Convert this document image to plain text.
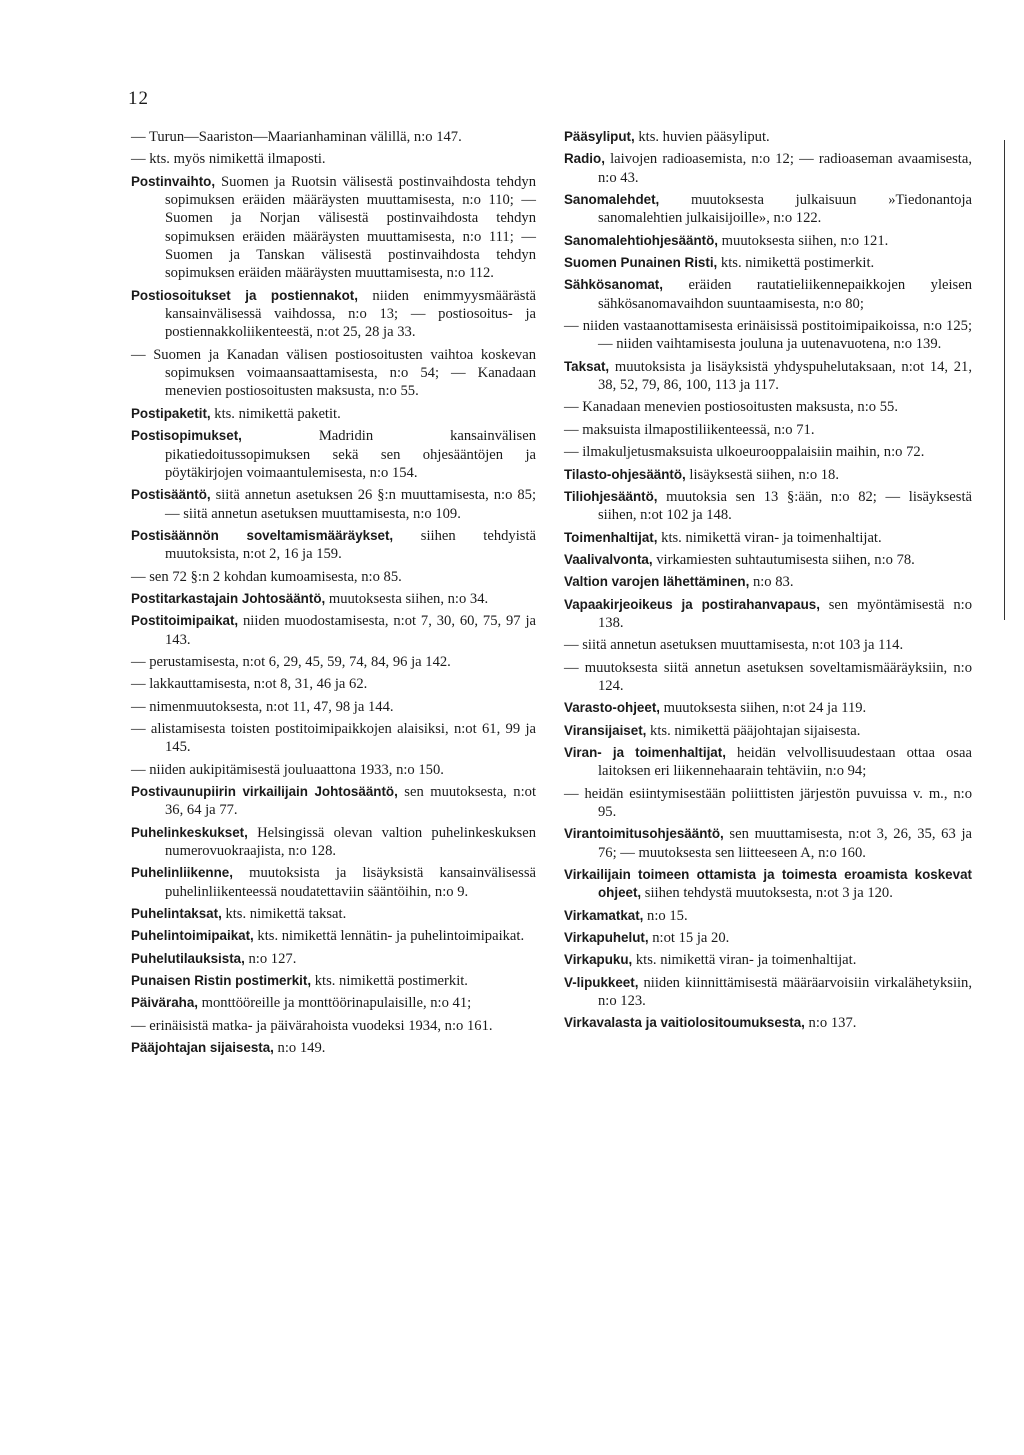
12

— Turun—Saariston—Maarianhaminan välillä, n:o 147.

— kts. myös nimikettä ilmaposti.

Postinvaihto, Suomen ja Ruotsin välisestä postinvaihdosta tehdyn sopimuksen eräiden määräysten muuttamisesta, n:o 110; — Suomen ja Norjan välisestä postinvaihdosta tehdyn sopimuksen eräiden määräysten muuttamisesta, n:o 111; — Suomen ja Tanskan välisestä postinvaihdosta tehdyn sopimuksen eräiden määräysten muuttamisesta, n:o 112.

Postiosoitukset ja postiennakot, niiden enimmyysmäärästä kansainvälisessä vaihdossa, n:o 13; — postiosoitus- ja postiennakkoliikenteestä, n:ot 25, 28 ja 33.

— Suomen ja Kanadan välisen postiosoitusten vaihtoa koskevan sopimuksen voimaansaattamisesta, n:o 54; — Kanadaan menevien postiosoitusten maksusta, n:o 55.

Postipaketit, kts. nimikettä paketit.

Postisopimukset, Madridin kansainvälisen pikatiedoitussopimuksen sekä sen ohjesääntöjen ja pöytäkirjojen voimaantulemisesta, n:o 154.

Postisääntö, siitä annetun asetuksen 26 §:n muuttamisesta, n:o 85; — siitä annetun asetuksen muuttamisesta, n:o 109.

Postisäännön soveltamismääräykset, siihen tehdyistä muutoksista, n:ot 2, 16 ja 159.

— sen 72 §:n 2 kohdan kumoamisesta, n:o 85.

Postitarkastajain Johtosääntö, muutoksesta siihen, n:o 34.

Postitoimipaikat, niiden muodostamisesta, n:ot 7, 30, 60, 75, 97 ja 143.

— perustamisesta, n:ot 6, 29, 45, 59, 74, 84, 96 ja 142.

— lakkauttamisesta, n:ot 8, 31, 46 ja 62.

— nimenmuutoksesta, n:ot 11, 47, 98 ja 144.

— alistamisesta toisten postitoimipaikkojen alaisiksi, n:ot 61, 99 ja 145.

— niiden aukipitämisestä jouluaattona 1933, n:o 150.

Postivaunupiirin virkailijain Johtosääntö, sen muutoksesta, n:ot 36, 64 ja 77.

Puhelinkeskukset, Helsingissä olevan valtion puhelinkeskuksen numerovuokraajista, n:o 128.

Puhelinliikenne, muutoksista ja lisäyksistä kansainvälisessä puhelinliikenteessä noudatettaviin sääntöihin, n:o 9.

Puhelintaksat, kts. nimikettä taksat.

Puhelintoimipaikat, kts. nimikettä lennätin- ja puhelintoimipaikat.

Puhelutilauksista, n:o 127.

Punaisen Ristin postimerkit, kts. nimikettä postimerkit.

Päiväraha, monttööreille ja monttöörinapulaisille, n:o 41;

— erinäisistä matka- ja päivärahoista vuodeksi 1934, n:o 161.

Pääjohtajan sijaisesta, n:o 149.

Pääsyliput, kts. huvien pääsyliput.

Radio, laivojen radioasemista, n:o 12; — radioaseman avaamisesta, n:o 43.

Sanomalehdet, muutoksesta julkaisuun »Tiedonantoja sanomalehtien julkaisijoille», n:o 122.

Sanomalehtiohjesääntö, muutoksesta siihen, n:o 121.

Suomen Punainen Risti, kts. nimikettä postimerkit.

Sähkösanomat, eräiden rautatieliikennepaikkojen yleisen sähkösanomavaihdon suuntaamisesta, n:o 80;

— niiden vastaanottamisesta erinäisissä postitoimipaikoissa, n:o 125; — niiden vaihtamisesta jouluna ja uutenavuotena, n:o 139.

Taksat, muutoksista ja lisäyksistä yhdyspuhelutaksaan, n:ot 14, 21, 38, 52, 79, 86, 100, 113 ja 117.

— Kanadaan menevien postiosoitusten maksusta, n:o 55.

— maksuista ilmapostiliikenteessä, n:o 71.

— ilmakuljetusmaksuista ulkoeurooppalaisiin maihin, n:o 72.

Tilasto-ohjesääntö, lisäyksestä siihen, n:o 18.

Tiliohjesääntö, muutoksia sen 13 §:ään, n:o 82; — lisäyksestä siihen, n:ot 102 ja 148.

Toimenhaltijat, kts. nimikettä viran- ja toimenhaltijat.

Vaalivalvonta, virkamiesten suhtautumisesta siihen, n:o 78.

Valtion varojen lähettäminen, n:o 83.

Vapaakirjeoikeus ja postirahanvapaus, sen myöntämisestä n:o 138.

— siitä annetun asetuksen muuttamisesta, n:ot 103 ja 114.

— muutoksesta siitä annetun asetuksen soveltamismääräyksiin, n:o 124.

Varasto-ohjeet, muutoksesta siihen, n:ot 24 ja 119.

Viransijaiset, kts. nimikettä pääjohtajan sijaisesta.

Viran- ja toimenhaltijat, heidän velvollisuudestaan ottaa osaa laitoksen eri liikennehaarain tehtäviin, n:o 94;

— heidän esiintymisestään poliittisten järjestön puvuissa v. m., n:o 95.

Virantoimitusohjesääntö, sen muuttamisesta, n:ot 3, 26, 35, 63 ja 76; — muutoksesta sen liitteeseen A, n:o 160.

Virkailijain toimeen ottamista ja toimesta eroamista koskevat ohjeet, siihen tehdystä muutoksesta, n:ot 3 ja 120.

Virkamatkat, n:o 15.

Virkapuhelut, n:ot 15 ja 20.

Virkapuku, kts. nimikettä viran- ja toimenhaltijat.

V-lipukkeet, niiden kiinnittämisestä määräarvoisiin virkalähetyksiin, n:o 123.

Virkavalasta ja vaitiolositoumuksesta, n:o 137.
